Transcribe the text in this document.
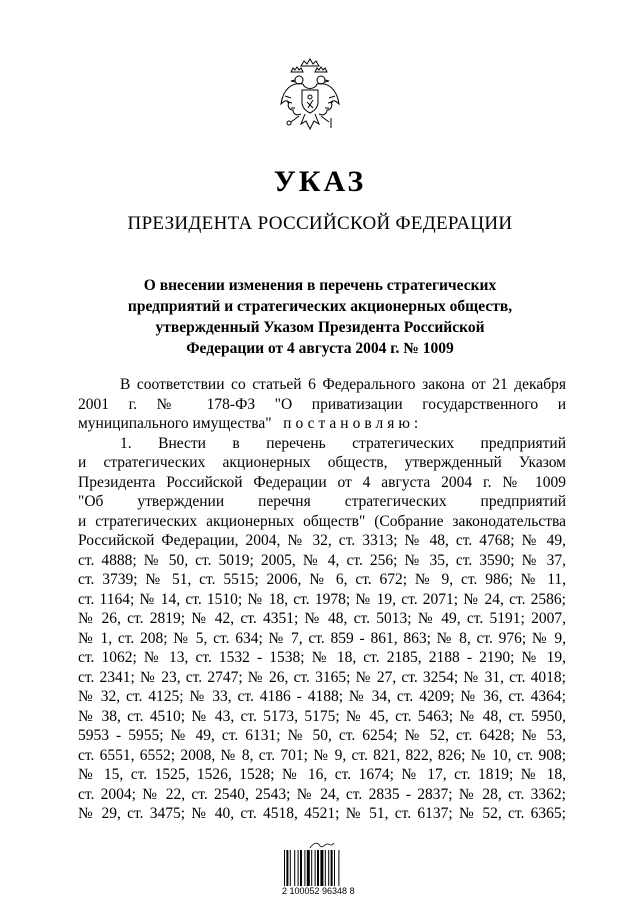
УКАЗ
ПРЕЗИДЕНТА РОССИЙСКОЙ ФЕДЕРАЦИИ
О внесении изменения в перечень стратегических
предприятий и стратегических акционерных обществ,
утвержденный Указом Президента Российской
Федерации от 4 августа 2004 г. № 1009
В соответствии со статьей 6 Федерального закона от 21 декабря
2001 г. № 178-ФЗ "О приватизации государственного и
муниципального имущества" постановляю:
1. Внести в перечень стратегических предприятий
и стратегических акционерных обществ, утвержденный Указом
Президента Российской Федерации от 4 августа 2004 г. № 1009
"Об утверждении перечня стратегических предприятий
и стратегических акционерных обществ" (Собрание законодательства
Российской Федерации, 2004, № 32, ст. 3313; № 48, ст. 4768; № 49,
ст. 4888; № 50, ст. 5019; 2005, № 4, ст. 256; № 35, ст. 3590; № 37,
ст. 3739; № 51, ст. 5515; 2006, № 6, ст. 672; № 9, ст. 986; № 11,
ст. 1164; № 14, ст. 1510; № 18, ст. 1978; № 19, ст. 2071; № 24, ст. 2586;
№ 26, ст. 2819; № 42, ст. 4351; № 48, ст. 5013; № 49, ст. 5191; 2007,
№ 1, ст. 208; № 5, ст. 634; № 7, ст. 859 - 861, 863; № 8, ст. 976; № 9,
ст. 1062; № 13, ст. 1532 - 1538; № 18, ст. 2185, 2188 - 2190; № 19,
ст. 2341; № 23, ст. 2747; № 26, ст. 3165; № 27, ст. 3254; № 31, ст. 4018;
№ 32, ст. 4125; № 33, ст. 4186 - 4188; № 34, ст. 4209; № 36, ст. 4364;
№ 38, ст. 4510; № 43, ст. 5173, 5175; № 45, ст. 5463; № 48, ст. 5950,
5953 - 5955; № 49, ст. 6131; № 50, ст. 6254; № 52, ст. 6428; № 53,
ст. 6551, 6552; 2008, № 8, ст. 701; № 9, ст. 821, 822, 826; № 10, ст. 908;
№ 15, ст. 1525, 1526, 1528; № 16, ст. 1674; № 17, ст. 1819; № 18,
ст. 2004; № 22, ст. 2540, 2543; № 24, ст. 2835 - 2837; № 28, ст. 3362;
№ 29, ст. 3475; № 40, ст. 4518, 4521; № 51, ст. 6137; № 52, ст. 6365;
2 100052 96348 8
